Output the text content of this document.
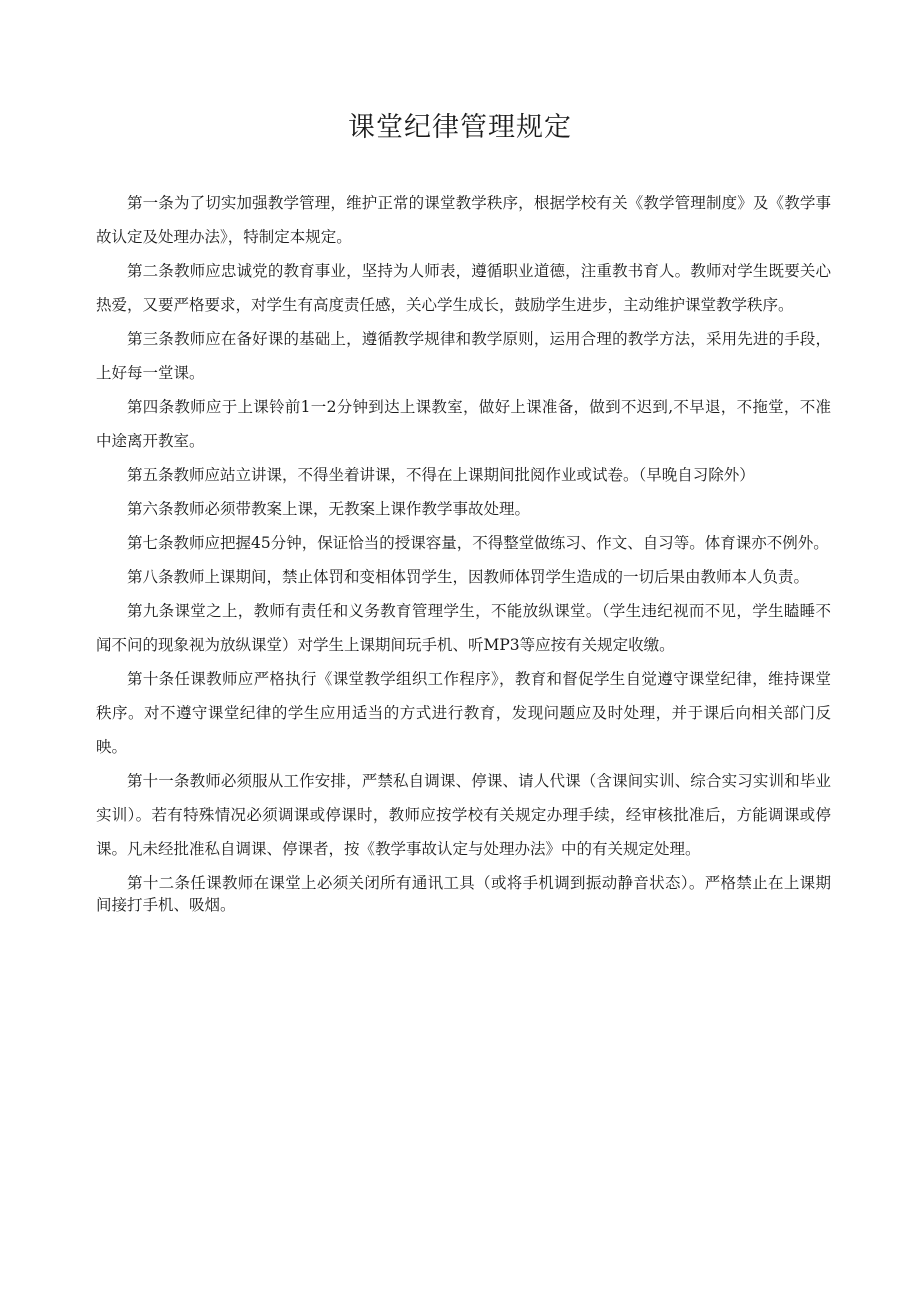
课堂纪律管理规定

第一条为了切实加强教学管理，维护正常的课堂教学秩序，根据学校有关《教学管理制度》及《教学事故认定及处理办法》，特制定本规定。

第二条教师应忠诚党的教育事业，坚持为人师表，遵循职业道德，注重教书育人。教师对学生既要关心热爱，又要严格要求，对学生有高度责任感，关心学生成长，鼓励学生进步，主动维护课堂教学秩序。

第三条教师应在备好课的基础上，遵循教学规律和教学原则，运用合理的教学方法，采用先进的手段，上好每一堂课。

第四条教师应于上课铃前1一2分钟到达上课教室，做好上课准备，做到不迟到,不早退，不拖堂，不准中途离开教室。

第五条教师应站立讲课，不得坐着讲课，不得在上课期间批阅作业或试卷。（早晚自习除外）

第六条教师必须带教案上课，无教案上课作教学事故处理。

第七条教师应把握45分钟，保证恰当的授课容量，不得整堂做练习、作文、自习等。体育课亦不例外。

第八条教师上课期间，禁止体罚和变相体罚学生，因教师体罚学生造成的一切后果由教师本人负责。

第九条课堂之上，教师有责任和义务教育管理学生，不能放纵课堂。（学生违纪视而不见，学生瞌睡不闻不问的现象视为放纵课堂）对学生上课期间玩手机、听MP3等应按有关规定收缴。

第十条任课教师应严格执行《课堂教学组织工作程序》，教育和督促学生自觉遵守课堂纪律，维持课堂秩序。对不遵守课堂纪律的学生应用适当的方式进行教育，发现问题应及时处理，并于课后向相关部门反映。

第十一条教师必须服从工作安排，严禁私自调课、停课、请人代课（含课间实训、综合实习实训和毕业实训）。若有特殊情况必须调课或停课时，教师应按学校有关规定办理手续，经审核批准后，方能调课或停课。凡未经批准私自调课、停课者，按《教学事故认定与处理办法》中的有关规定处理。

第十二条任课教师在课堂上必须关闭所有通讯工具（或将手机调到振动静音状态）。严格禁止在上课期间接打手机、吸烟。
